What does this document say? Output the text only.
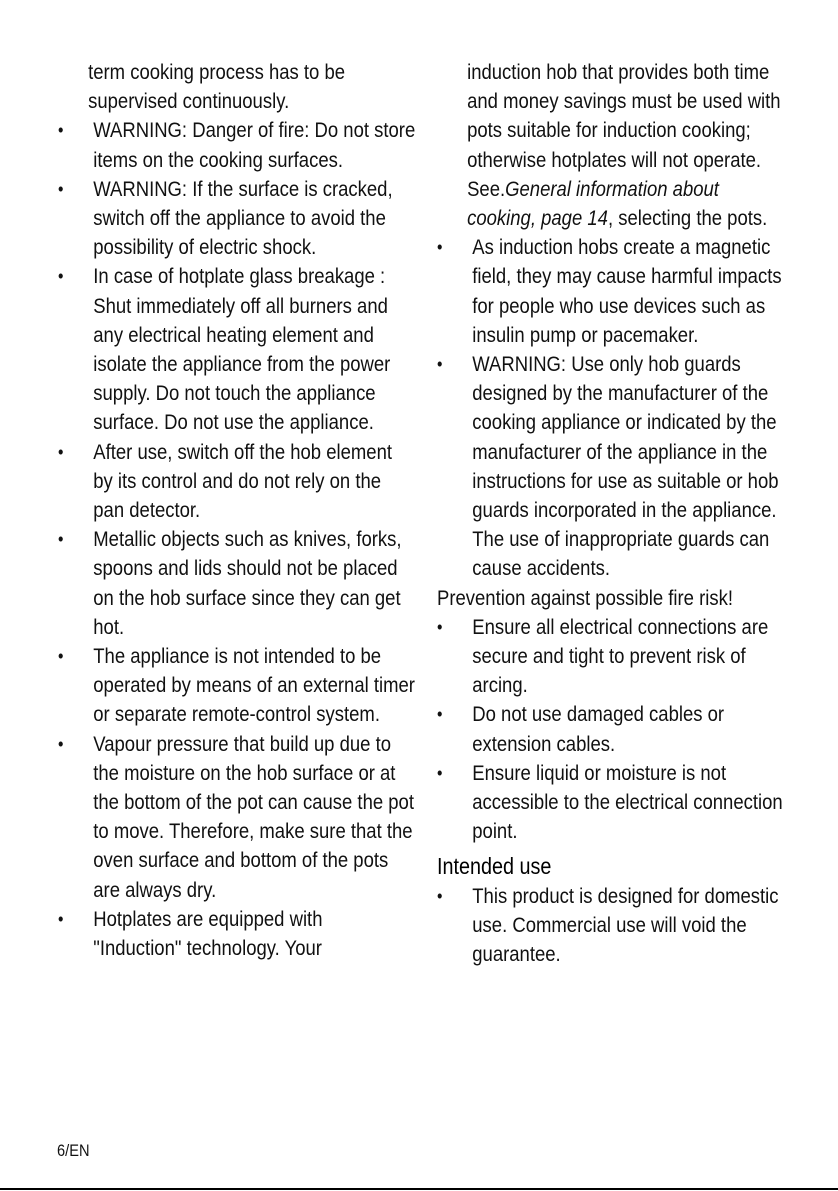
term cooking process has to be supervised continuously.

•	WARNING: Danger of fire: Do not store items on the cooking surfaces.
•	WARNING: If the surface is cracked, switch off the appliance to avoid the possibility of electric shock.
•	In case of hotplate glass breakage : Shut immediately off all burners and any electrical heating element and isolate the appliance from the power supply. Do not touch the appliance surface. Do not use the appliance.
•	After use, switch off the hob element by its control and do not rely on the pan detector.
•	Metallic objects such as knives, forks, spoons and lids should not be placed on the hob surface since they can get hot.
•	The appliance is not intended to be operated by means of an external timer or separate remote-control system.
•	Vapour pressure that build up due to the moisture on the hob surface or at the bottom of the pot can cause the pot to move. Therefore, make sure that the oven surface and bottom of the pots are always dry.
•	Hotplates are equipped with "Induction" technology. Your

induction hob that provides both time and money savings must be used with pots suitable for induction cooking; otherwise hotplates will not operate. See.General information about cooking, page 14, selecting the pots.

•	As induction hobs create a magnetic field, they may cause harmful impacts for people who use devices such as insulin pump or pacemaker.
•	WARNING: Use only hob guards designed by the manufacturer of the cooking appliance or indicated by the manufacturer of the appliance in the instructions for use as suitable or hob guards incorporated in the appliance. The use of inappropriate guards can cause accidents.

Prevention against possible fire risk!

•	Ensure all electrical connections are secure and tight to prevent risk of arcing.
•	Do not use damaged cables or extension cables.
•	Ensure liquid or moisture is not accessible to the electrical connection point.
Intended use
•	This product is designed for domestic use. Commercial use will void the guarantee.
6/EN
